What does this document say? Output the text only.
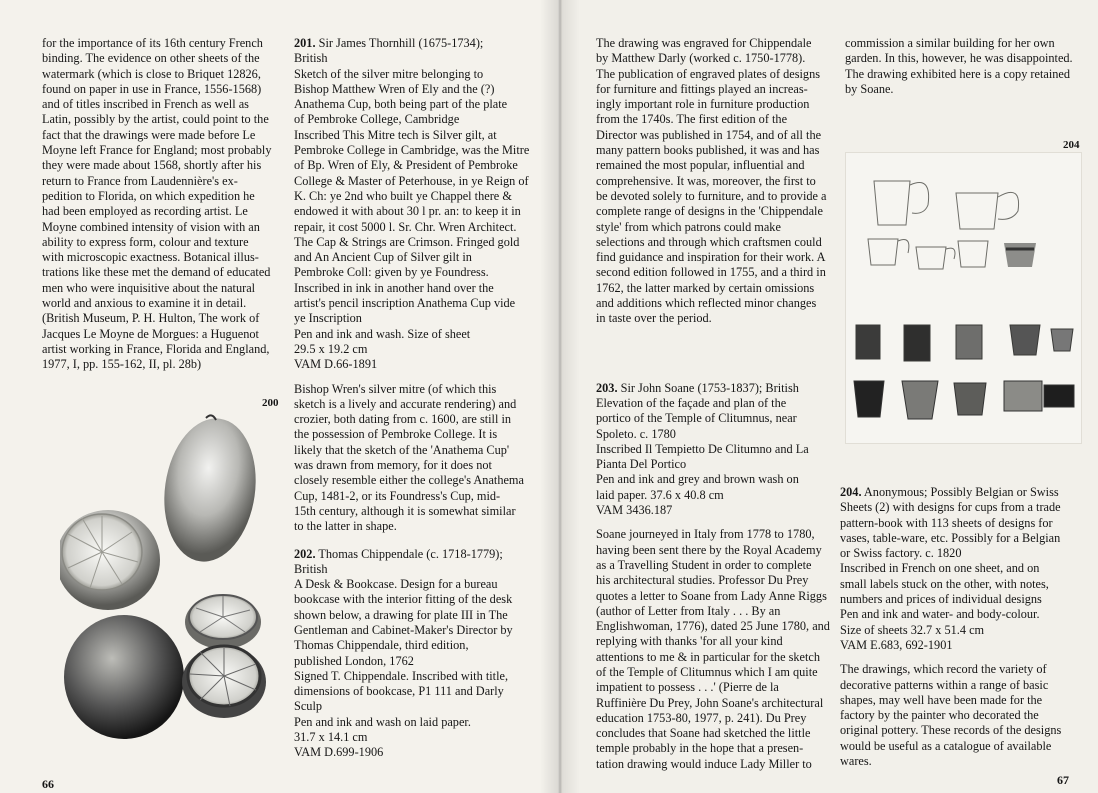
for the importance of its 16th century French

binding. The evidence on other sheets of the

watermark (which is close to Briquet 12826,

found on paper in use in France, 1556-1568)

and of titles inscribed in French as well as

Latin, possibly by the artist, could point to the

fact that the drawings were made before Le

Moyne left France for England; most probably

they were made about 1568, shortly after his

return to France from Laudennière's ex-

pedition to Florida, on which expedition he

had been employed as recording artist. Le

Moyne combined intensity of vision with an

ability to express form, colour and texture

with microscopic exactness. Botanical illus-

trations like these met the demand of educated

men who were inquisitive about the natural

world and anxious to examine it in detail.

(British Museum, P. H. Hulton, The work of

Jacques Le Moyne de Morgues: a Huguenot

artist working in France, Florida and England,

1977, I, pp. 155-162, II, pl. 28b)

200

201. Sir James Thornhill (1675-1734);

British

Sketch of the silver mitre belonging to

Bishop Matthew Wren of Ely and the (?)

Anathema Cup, both being part of the plate

of Pembroke College, Cambridge

Inscribed This Mitre tech is Silver gilt, at

Pembroke College in Cambridge, was the Mitre

of Bp. Wren of Ely, & President of Pembroke

College & Master of Peterhouse, in ye Reign of

K. Ch: ye 2nd who built ye Chappel there &

endowed it with about 30 l pr. an: to keep it in

repair, it cost 5000 l. Sr. Chr. Wren Architect.

The Cap & Strings are Crimson. Fringed gold

and An Ancient Cup of Silver gilt in

Pembroke Coll: given by ye Foundress.

Inscribed in ink in another hand over the

artist's pencil inscription Anathema Cup vide

ye Inscription

Pen and ink and wash. Size of sheet

29.5 x 19.2 cm

VAM D.66-1891

Bishop Wren's silver mitre (of which this

sketch is a lively and accurate rendering) and

crozier, both dating from c. 1600, are still in

the possession of Pembroke College. It is

likely that the sketch of the 'Anathema Cup'

was drawn from memory, for it does not

closely resemble either the college's Anathema

Cup, 1481-2, or its Foundress's Cup, mid-

15th century, although it is somewhat similar

to the latter in shape.

202. Thomas Chippendale (c. 1718-1779);

British

A Desk & Bookcase. Design for a bureau

bookcase with the interior fitting of the desk

shown below, a drawing for plate III in The

Gentleman and Cabinet-Maker's Director by

Thomas Chippendale, third edition,

published London, 1762

Signed T. Chippendale. Inscribed with title,

dimensions of bookcase, P1 111 and Darly

Sculp

Pen and ink and wash on laid paper.

31.7 x 14.1 cm

VAM D.699-1906

66

The drawing was engraved for Chippendale

by Matthew Darly (worked c. 1750-1778).

The publication of engraved plates of designs

for furniture and fittings played an increas-

ingly important role in furniture production

from the 1740s. The first edition of the

Director was published in 1754, and of all the

many pattern books published, it was and has

remained the most popular, influential and

comprehensive. It was, moreover, the first to

be devoted solely to furniture, and to provide a

complete range of designs in the 'Chippendale

style' from which patrons could make

selections and through which craftsmen could

find guidance and inspiration for their work. A

second edition followed in 1755, and a third in

1762, the latter marked by certain omissions

and additions which reflected minor changes

in taste over the period.

203. Sir John Soane (1753-1837); British

Elevation of the façade and plan of the

portico of the Temple of Clitumnus, near

Spoleto. c. 1780

Inscribed Il Tempietto De Clitumno and La

Pianta Del Portico

Pen and ink and grey and brown wash on

laid paper. 37.6 x 40.8 cm

VAM 3436.187

Soane journeyed in Italy from 1778 to 1780,

having been sent there by the Royal Academy

as a Travelling Student in order to complete

his architectural studies. Professor Du Prey

quotes a letter to Soane from Lady Anne Riggs

(author of Letter from Italy . . . By an

Englishwoman, 1776), dated 25 June 1780, and

replying with thanks 'for all your kind

attentions to me & in particular for the sketch

of the Temple of Clitumnus which I am quite

impatient to possess . . .' (Pierre de la

Ruffinière Du Prey, John Soane's architectural

education 1753-80, 1977, p. 241). Du Prey

concludes that Soane had sketched the little

temple probably in the hope that a presen-

tation drawing would induce Lady Miller to

commission a similar building for her own

garden. In this, however, he was disappointed.

The drawing exhibited here is a copy retained

by Soane.

204

204. Anonymous; Possibly Belgian or Swiss

Sheets (2) with designs for cups from a trade

pattern-book with 113 sheets of designs for

vases, table-ware, etc. Possibly for a Belgian

or Swiss factory. c. 1820

Inscribed in French on one sheet, and on

small labels stuck on the other, with notes,

numbers and prices of individual designs

Pen and ink and water- and body-colour.

Size of sheets 32.7 x 51.4 cm

VAM E.683, 692-1901

The drawings, which record the variety of

decorative patterns within a range of basic

shapes, may well have been made for the

factory by the painter who decorated the

original pottery. These records of the designs

would be useful as a catalogue of available

wares.

67
